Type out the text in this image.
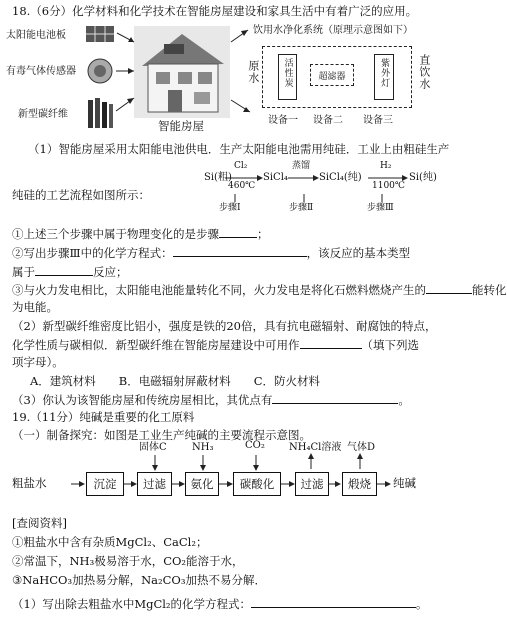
18.（6分）化学材料和化学技术在智能房屋建设和家具生活中有着广泛的应用。
太阳能电池板
有毒气体传感器
新型碳纤维
智能房屋
饮用水净化系统（原理示意图如下）
原水	活性炭	超滤器	紫外灯	直饮水
设备一 设备二 设备三
（1）智能房屋采用太阳能电池供电．生产太阳能电池需用纯硅．工业上由粗硅生产
纯硅的工艺流程如图所示：
Si(粗)
Cl₂
460℃
SiCl₄
蒸馏
SiCl₄(纯)
H₂
1100℃
Si(纯)
步骤Ⅰ	步骤Ⅱ	步骤Ⅲ
①上述三个步骤中属于物理变化的是步骤	；
②写出步骤Ⅲ中的化学方程式：	，该反应的基本类型
属于	反应；
③与火力发电相比，太阳能电池能量转化不同，火力发电是将化石燃料燃烧产生的	能转化
为电能。
（2）新型碳纤维密度比铝小，强度是铁的20倍，具有抗电磁辐射、耐腐蚀的特点，
化学性质与碳相似．新型碳纤维在智能房屋建设中可用作	（填下列选
项字母）。
A．建筑材料　　B．电磁辐射屏蔽材料　　C．防火材料
（3）你认为该智能房屋和传统房屋相比，其优点有	。
19.（11分）纯碱是重要的化工原料
（一）制备探究：如图是工业生产纯碱的主要流程示意图。
固体C	NH₃	CO₂ NH₄Cl溶液 气体D
粗盐水	沉淀	过滤	氨化	碳酸化	过滤	煅烧	纯碱
[查阅资料]
①粗盐水中含有杂质MgCl₂、CaCl₂；
②常温下，NH₃极易溶于水，CO₂能溶于水，
③NaHCO₃加热易分解，Na₂CO₃加热不易分解．
（1）写出除去粗盐水中MgCl₂的化学方程式：	。
